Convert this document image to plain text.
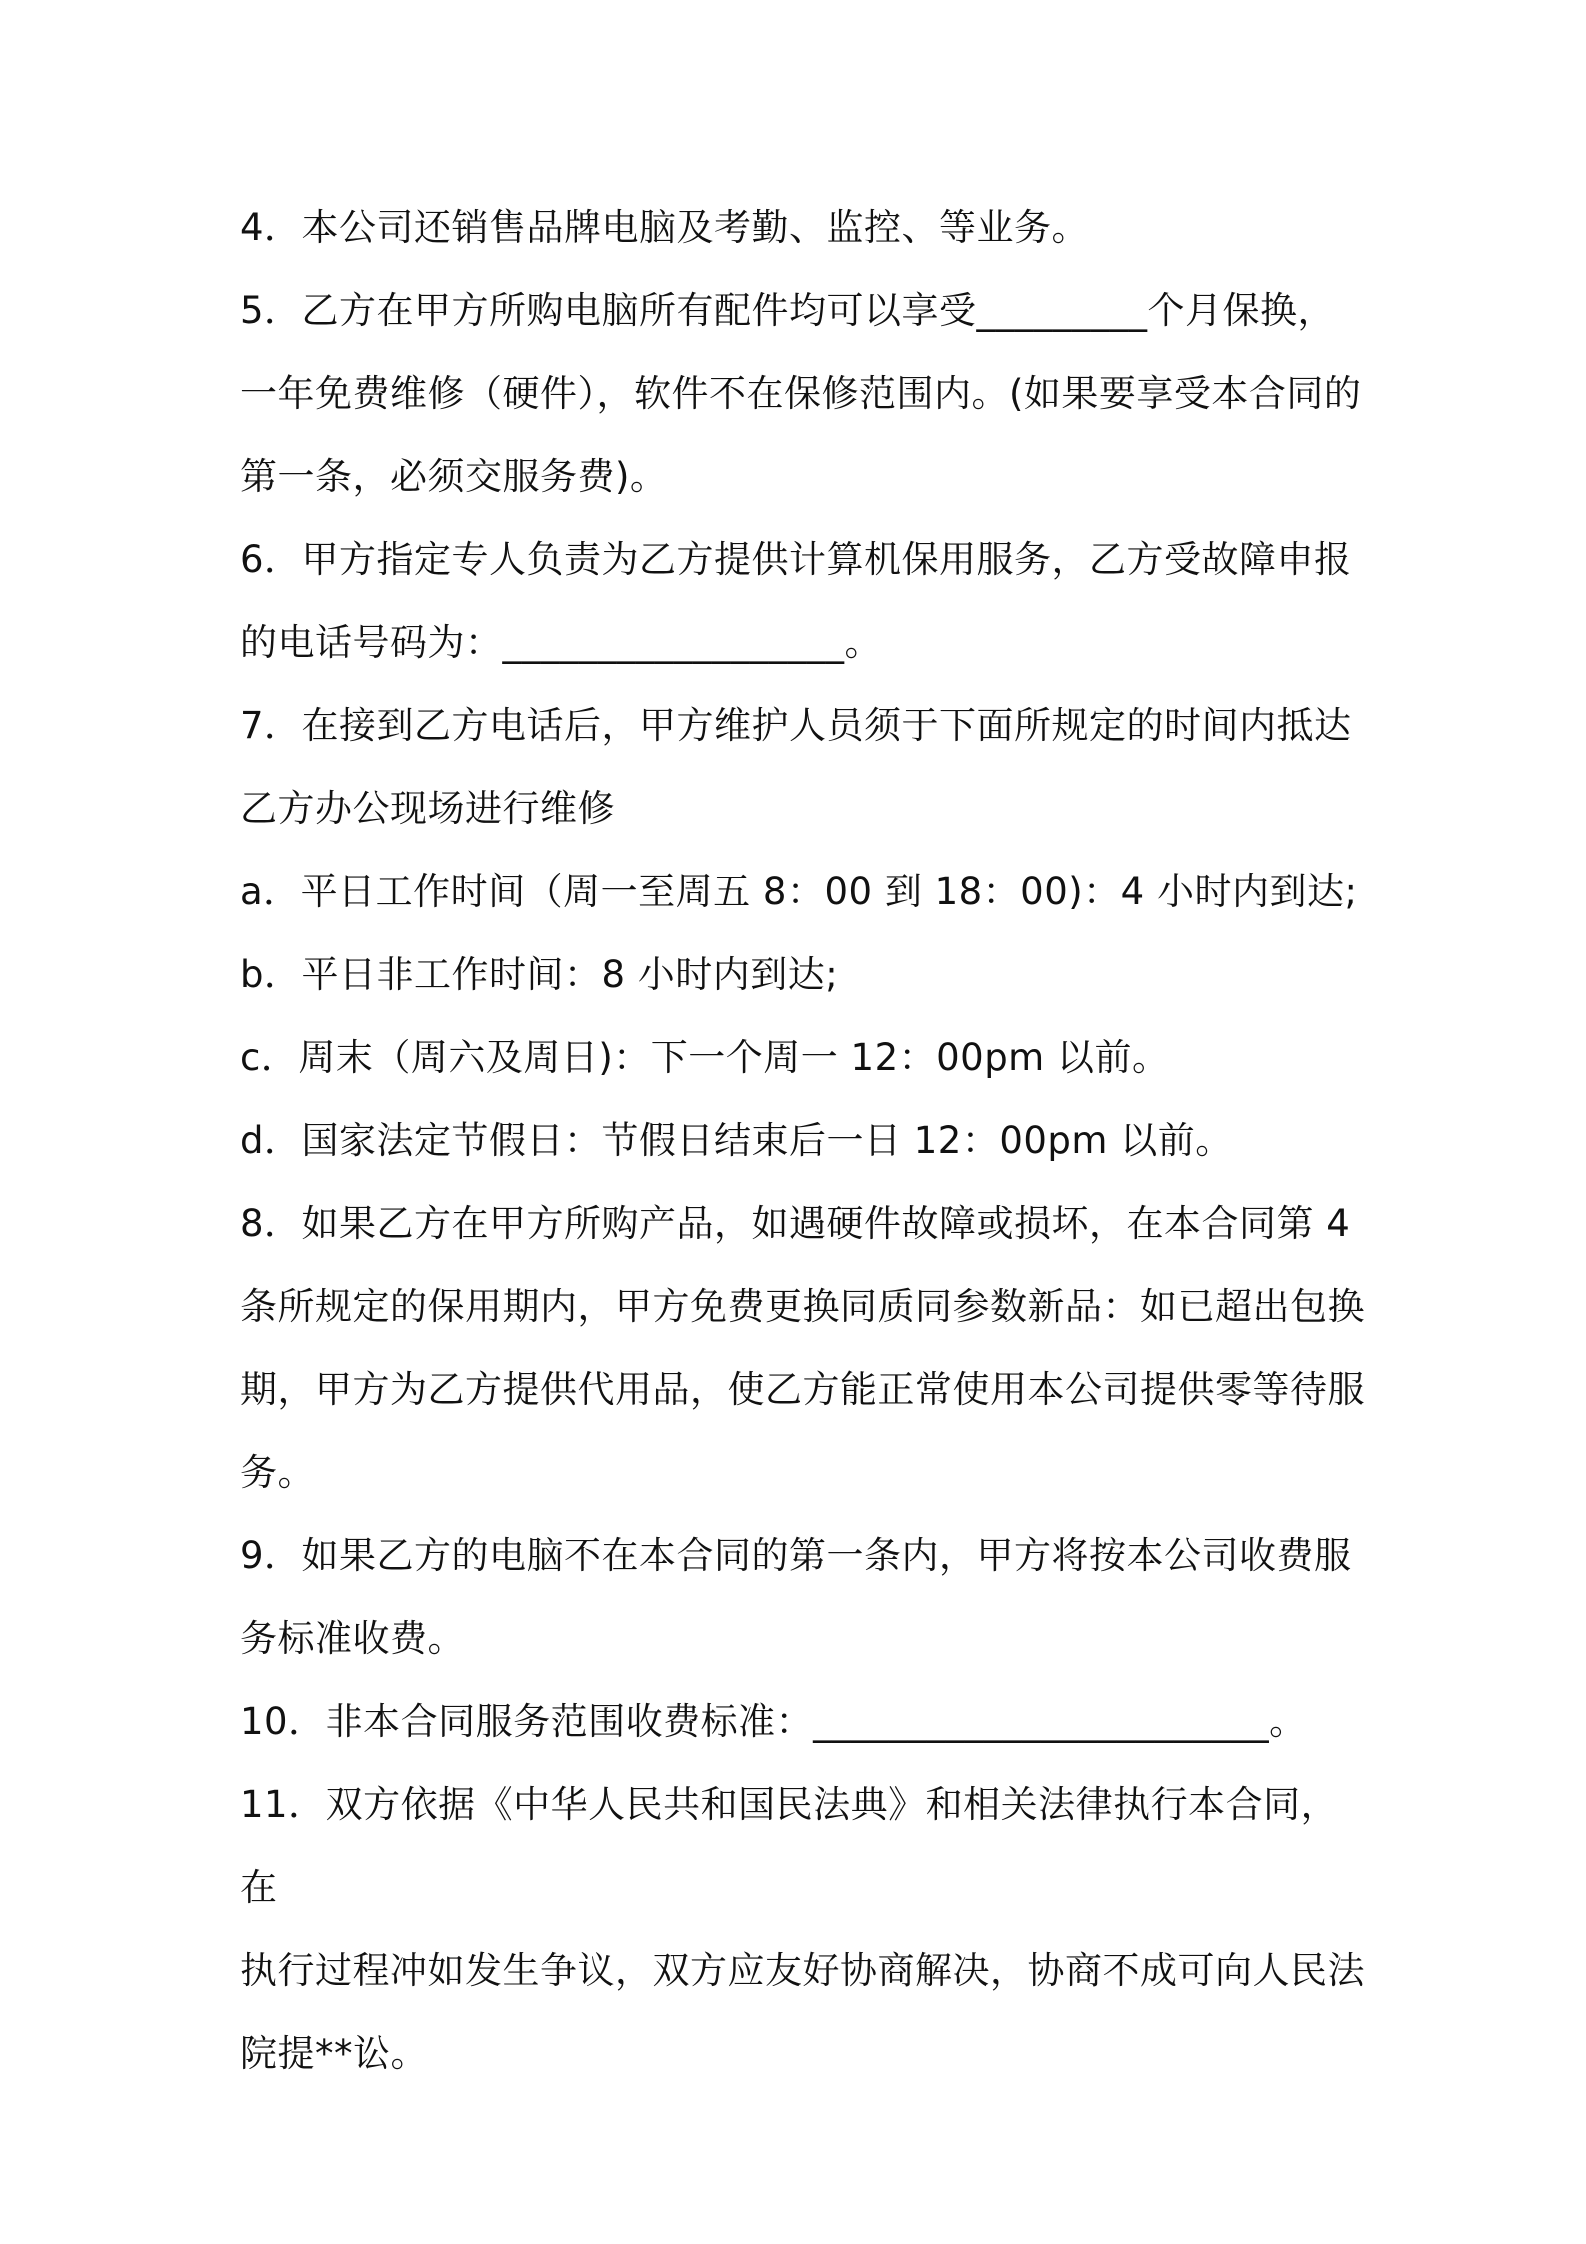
4．本公司还销售品牌电脑及考勤、监控、等业务。

5．乙方在甲方所购电脑所有配件均可以享受_________个月保换，

一年免费维修（硬件），软件不在保修范围内。(如果要享受本合同的

第一条，必须交服务费)。

6．甲方指定专人负责为乙方提供计算机保用服务，乙方受故障申报

的电话号码为：__________________。

7．在接到乙方电话后，甲方维护人员须于下面所规定的时间内抵达

乙方办公现场进行维修

a．平日工作时间（周一至周五 8：00 到 18：00)：4 小时内到达;

b．平日非工作时间：8 小时内到达;

c．周末（周六及周日)：下一个周一 12：00pm 以前。

d．国家法定节假日：节假日结束后一日 12：00pm 以前。

8．如果乙方在甲方所购产品，如遇硬件故障或损坏，在本合同第 4

条所规定的保用期内，甲方免费更换同质同参数新品：如已超出包换

期，甲方为乙方提供代用品，使乙方能正常使用本公司提供零等待服

务。

9．如果乙方的电脑不在本合同的第一条内，甲方将按本公司收费服

务标准收费。

10．非本合同服务范围收费标准：________________________。

11．双方依据《中华人民共和国民法典》和相关法律执行本合同，在

执行过程冲如发生争议，双方应友好协商解决，协商不成可向人民法

院提**讼。
